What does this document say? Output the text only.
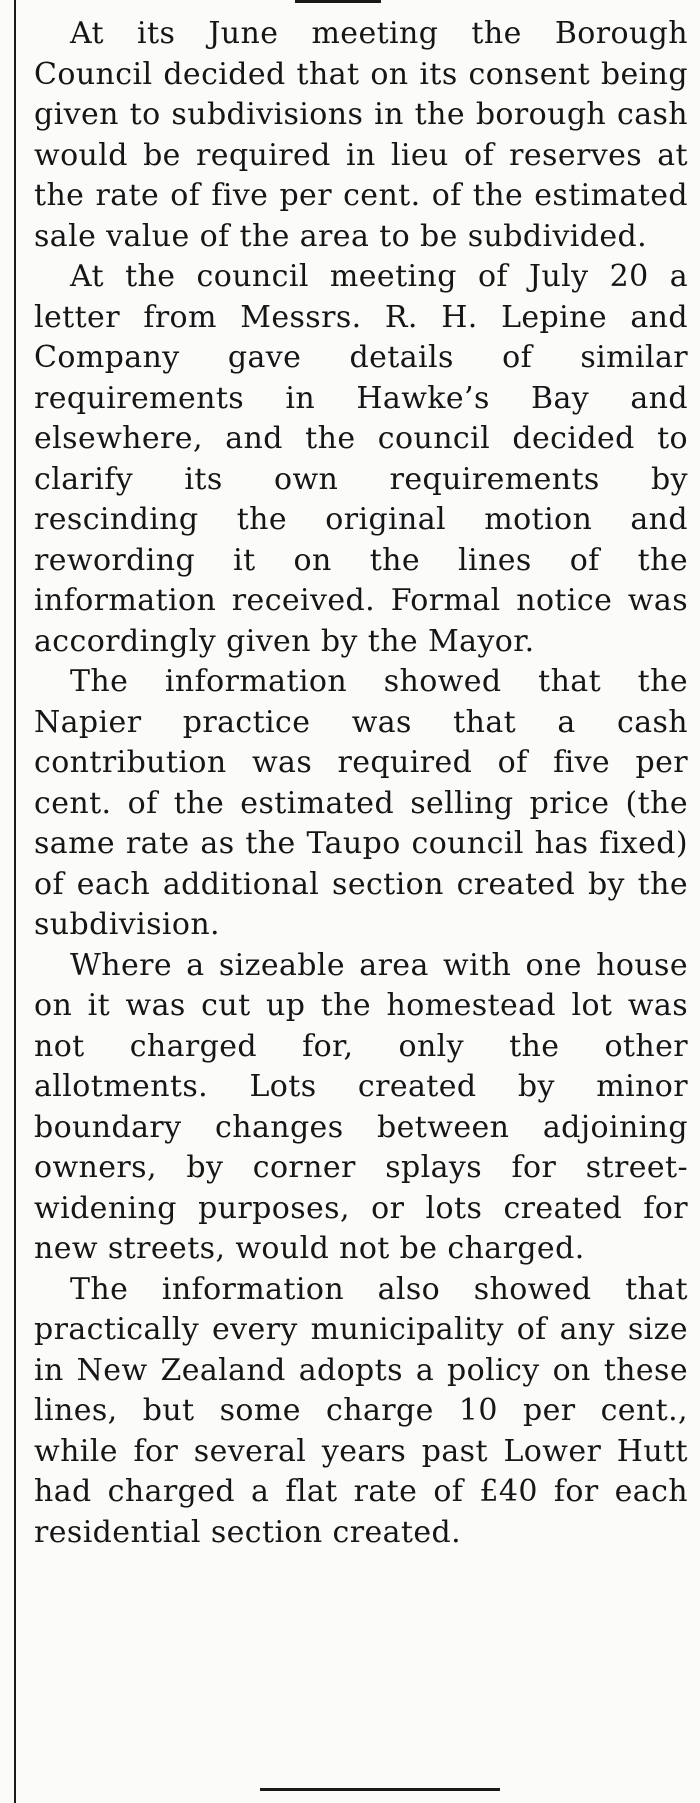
At its June meeting the Borough Council decided that on its consent being given to subdivisions in the borough cash would be required in lieu of reserves at the rate of five per cent. of the estimated sale value of the area to be subdivided.

At the council meeting of July 20 a letter from Messrs. R. H. Lepine and Company gave details of similar requirements in Hawke’s Bay and elsewhere, and the council decided to clarify its own requirements by rescinding the original motion and rewording it on the lines of the information received. Formal notice was accordingly given by the Mayor.

The information showed that the Napier practice was that a cash contribution was required of five per cent. of the estimated selling price (the same rate as the Taupo council has fixed) of each additional section created by the subdivision.

Where a sizeable area with one house on it was cut up the homestead lot was not charged for, only the other allotments. Lots created by minor boundary changes between adjoining owners, by corner splays for street-widening purposes, or lots created for new streets, would not be charged.

The information also showed that practically every municipality of any size in New Zealand adopts a policy on these lines, but some charge 10 per cent., while for several years past Lower Hutt had charged a flat rate of £40 for each residential section created.
